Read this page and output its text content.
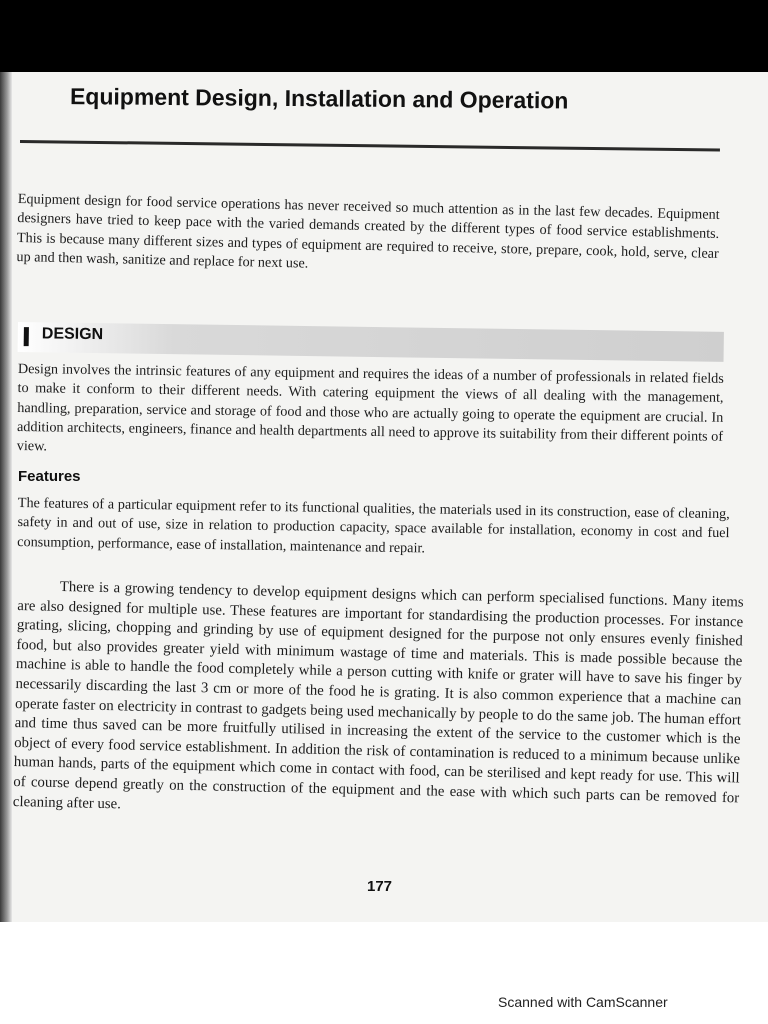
Equipment Design, Installation and Operation

Equipment design for food service operations has never received so much attention as in the last few decades. Equipment designers have tried to keep pace with the varied demands created by the different types of food service establishments. This is because many different sizes and types of equipment are required to receive, store, prepare, cook, hold, serve, clear up and then wash, sanitize and replace for next use.

DESIGN

Design involves the intrinsic features of any equipment and requires the ideas of a number of professionals in related fields to make it conform to their different needs. With catering equipment the views of all dealing with the management, handling, preparation, service and storage of food and those who are actually going to operate the equipment are crucial. In addition architects, engineers, finance and health departments all need to approve its suitability from their different points of view.

Features

The features of a particular equipment refer to its functional qualities, the materials used in its construction, ease of cleaning, safety in and out of use, size in relation to production capacity, space available for installation, economy in cost and fuel consumption, performance, ease of installation, maintenance and repair.

There is a growing tendency to develop equipment designs which can perform specialised functions. Many items are also designed for multiple use. These features are important for standardising the production processes. For instance grating, slicing, chopping and grinding by use of equipment designed for the purpose not only ensures evenly finished food, but also provides greater yield with minimum wastage of time and materials. This is made possible because the machine is able to handle the food completely while a person cutting with knife or grater will have to save his finger by necessarily discarding the last 3 cm or more of the food he is grating. It is also common experience that a machine can operate faster on electricity in contrast to gadgets being used mechanically by people to do the same job. The human effort and time thus saved can be more fruitfully utilised in increasing the extent of the service to the customer which is the object of every food service establishment. In addition the risk of contamination is reduced to a minimum because unlike human hands, parts of the equipment which come in contact with food, can be sterilised and kept ready for use. This will of course depend greatly on the construction of the equipment and the ease with which such parts can be removed for cleaning after use.

177
Scanned with CamScanner
